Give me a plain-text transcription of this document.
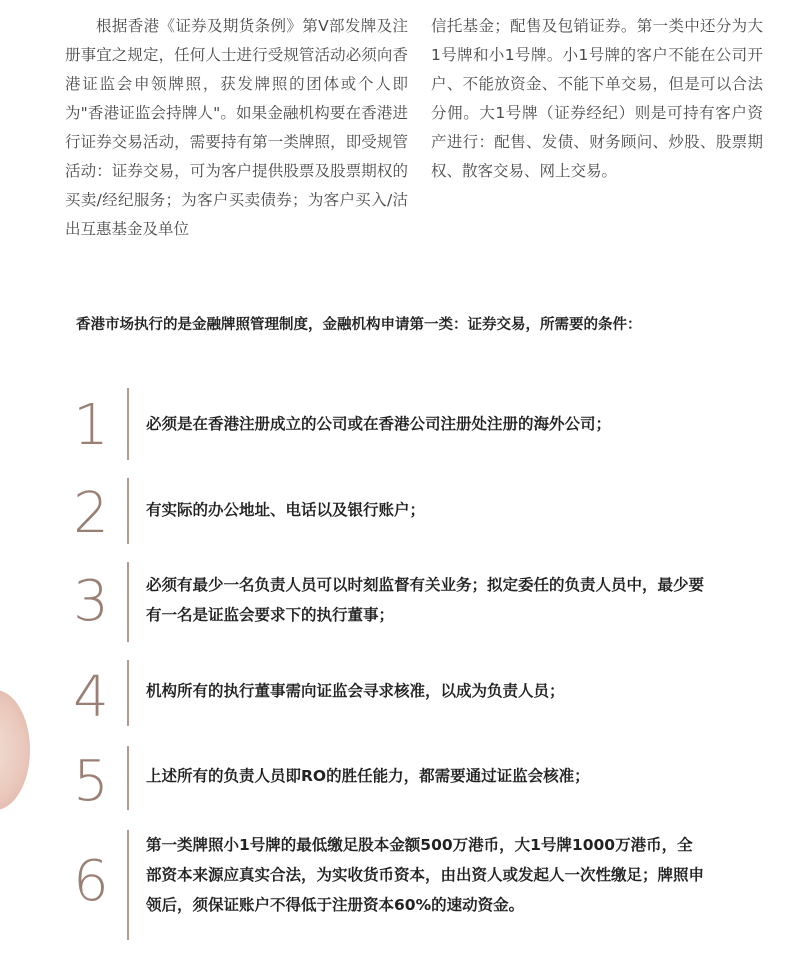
根据香港《证券及期货条例》第V部发牌及注册事宜之规定，任何人士进行受规管活动必须向香港证监会申领牌照，获发牌照的团体或个人即为"香港证监会持牌人"。如果金融机构要在香港进行证券交易活动，需要持有第一类牌照，即受规管活动：证券交易，可为客户提供股票及股票期权的买卖/经纪服务；为客户买卖债券；为客户买入/沽出互惠基金及单位
信托基金；配售及包销证券。第一类中还分为大1号牌和小1号牌。小1号牌的客户不能在公司开户、不能放资金、不能下单交易，但是可以合法分佣。大1号牌（证券经纪）则是可持有客户资产进行：配售、发债、财务顾问、炒股、股票期权、散客交易、网上交易。
香港市场执行的是金融牌照管理制度，金融机构申请第一类：证券交易，所需要的条件：
1	必须是在香港注册成立的公司或在香港公司注册处注册的海外公司；
2	有实际的办公地址、电话以及银行账户；
3	必须有最少一名负责人员可以时刻监督有关业务；拟定委任的负责人员中，最少要有一名是证监会要求下的执行董事；
4	机构所有的执行董事需向证监会寻求核准，以成为负责人员；
5	上述所有的负责人员即RO的胜任能力，都需要通过证监会核准；
6
第一类牌照小1号牌的最低缴足股本金额500万港币，大1号牌1000万港币，全部资本来源应真实合法，为实收货币资本，由出资人或发起人一次性缴足；牌照申领后，须保证账户不得低于注册资本60%的速动资金。
